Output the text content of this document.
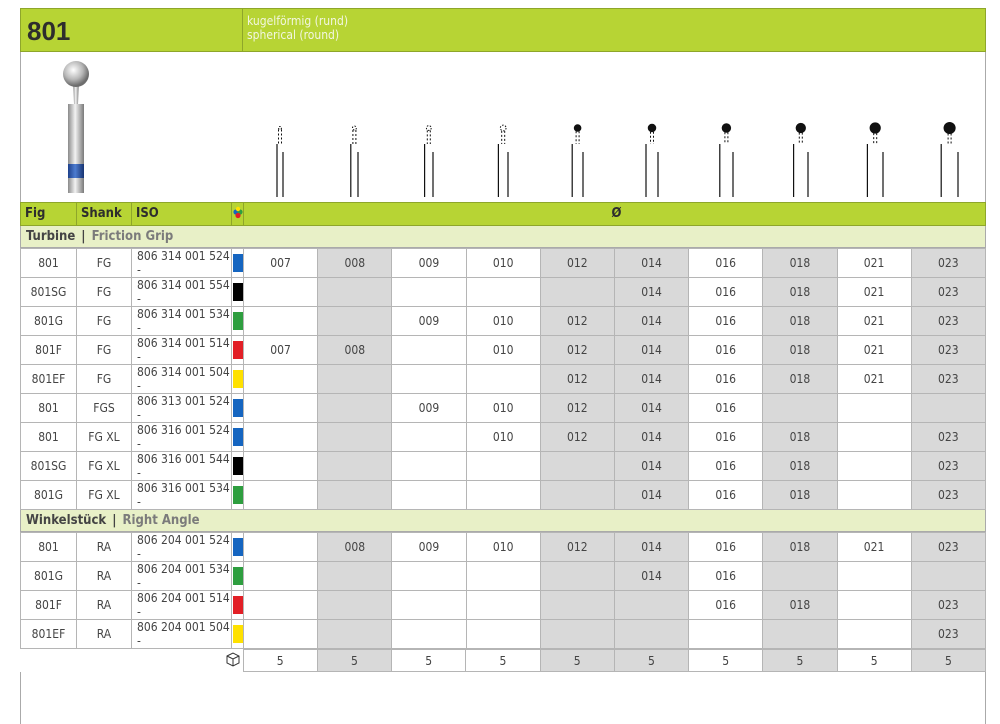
801	kugelförmig (rund)
spherical (round)
Fig	Shank	ISO	Ø
Turbine | Friction Grip
801	FG	806 314 001 524 -		007	008	009	010	012	014	016	018	021	023
801SG	FG	806 314 001 554 -							014	016	018	021	023
801G	FG	806 314 001 534 -				009	010	012	014	016	018	021	023
801F	FG	806 314 001 514 -		007	008		010	012	014	016	018	021	023
801EF	FG	806 314 001 504 -						012	014	016	018	021	023
801	FGS	806 313 001 524 -				009	010	012	014	016			
801	FG XL	806 316 001 524 -					010	012	014	016	018		023
801SG	FG XL	806 316 001 544 -							014	016	018		023
801G	FG XL	806 316 001 534 -							014	016	018		023
Winkelstück | Right Angle
801	RA	806 204 001 524 -			008	009	010	012	014	016	018	021	023
801G	RA	806 204 001 534 -							014	016			
801F	RA	806 204 001 514 -								016	018		023
801EF	RA	806 204 001 504 -											023
		5	5	5	5	5	5	5	5	5	5
